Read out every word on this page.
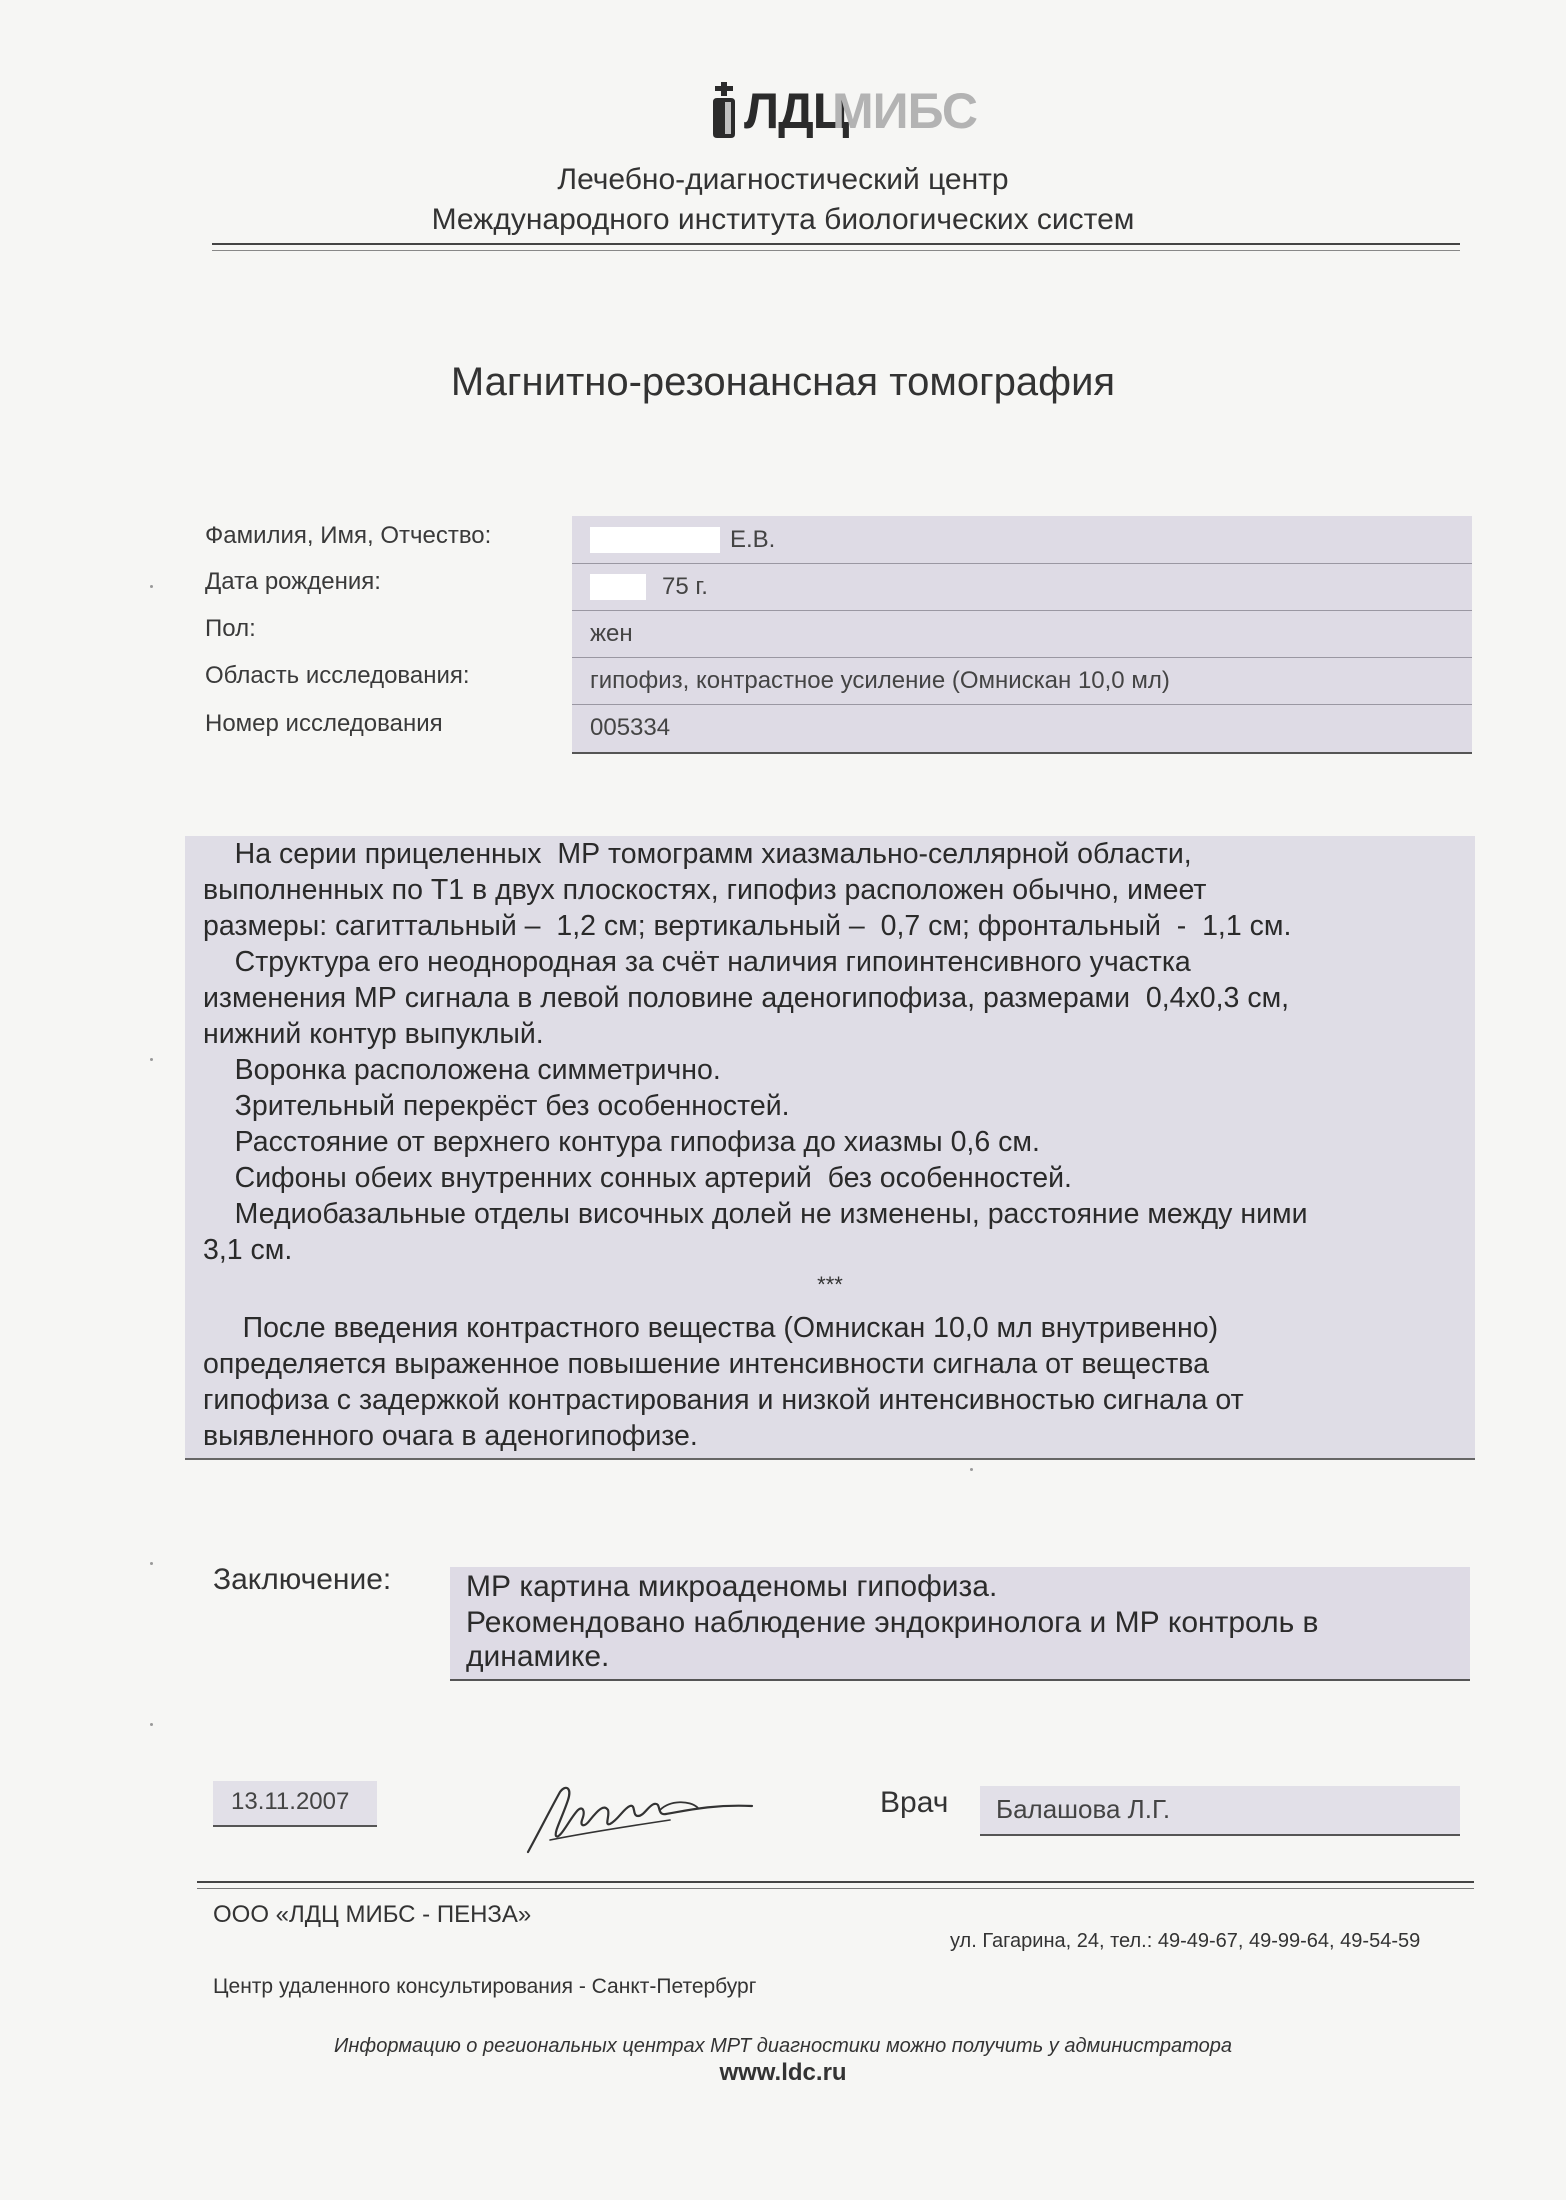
ЛДЦ
МИБС
Лечебно-диагностический центр
Международного института биологических систем
Магнитно-резонансная томография
Фамилия, Имя, Отчество:
Дата рождения:
Пол:
Область исследования:
Номер исследования
Е.В.
75 г.
жен
гипофиз, контрастное усиление (Омнискан 10,0 мл)
005334
На серии прицеленных  МР томограмм хиазмально-селлярной области,
выполненных по Т1 в двух плоскостях, гипофиз расположен обычно, имеет
размеры: сагиттальный –  1,2 см; вертикальный –  0,7 см; фронтальный  -  1,1 см.
Структура его неоднородная за счёт наличия гипоинтенсивного участка
изменения МР сигнала в левой половине аденогипофиза, размерами  0,4х0,3 см,
нижний контур выпуклый.
Воронка расположена симметрично.
Зрительный перекрёст без особенностей.
Расстояние от верхнего контура гипофиза до хиазмы 0,6 см.
Сифоны обеих внутренних сонных артерий  без особенностей.
Медиобазальные отделы височных долей не изменены, расстояние между ними
3,1 см.
***
После введения контрастного вещества (Омнискан 10,0 мл внутривенно)
определяется выраженное повышение интенсивности сигнала от вещества
гипофиза с задержкой контрастирования и низкой интенсивностью сигнала от
выявленного очага в аденогипофизе.
Заключение: МР картина микроаденомы гипофиза.
Рекомендовано наблюдение эндокринолога и МР контроль в
динамике.
13.11.2007	Врач Балашова Л.Г.
ООО «ЛДЦ МИБС - ПЕНЗА»
ул. Гагарина, 24, тел.: 49-49-67, 49-99-64, 49-54-59
Центр удаленного консультирования - Санкт-Петербург
Информацию о региональных центрах МРТ диагностики можно получить у администратора
www.ldc.ru
